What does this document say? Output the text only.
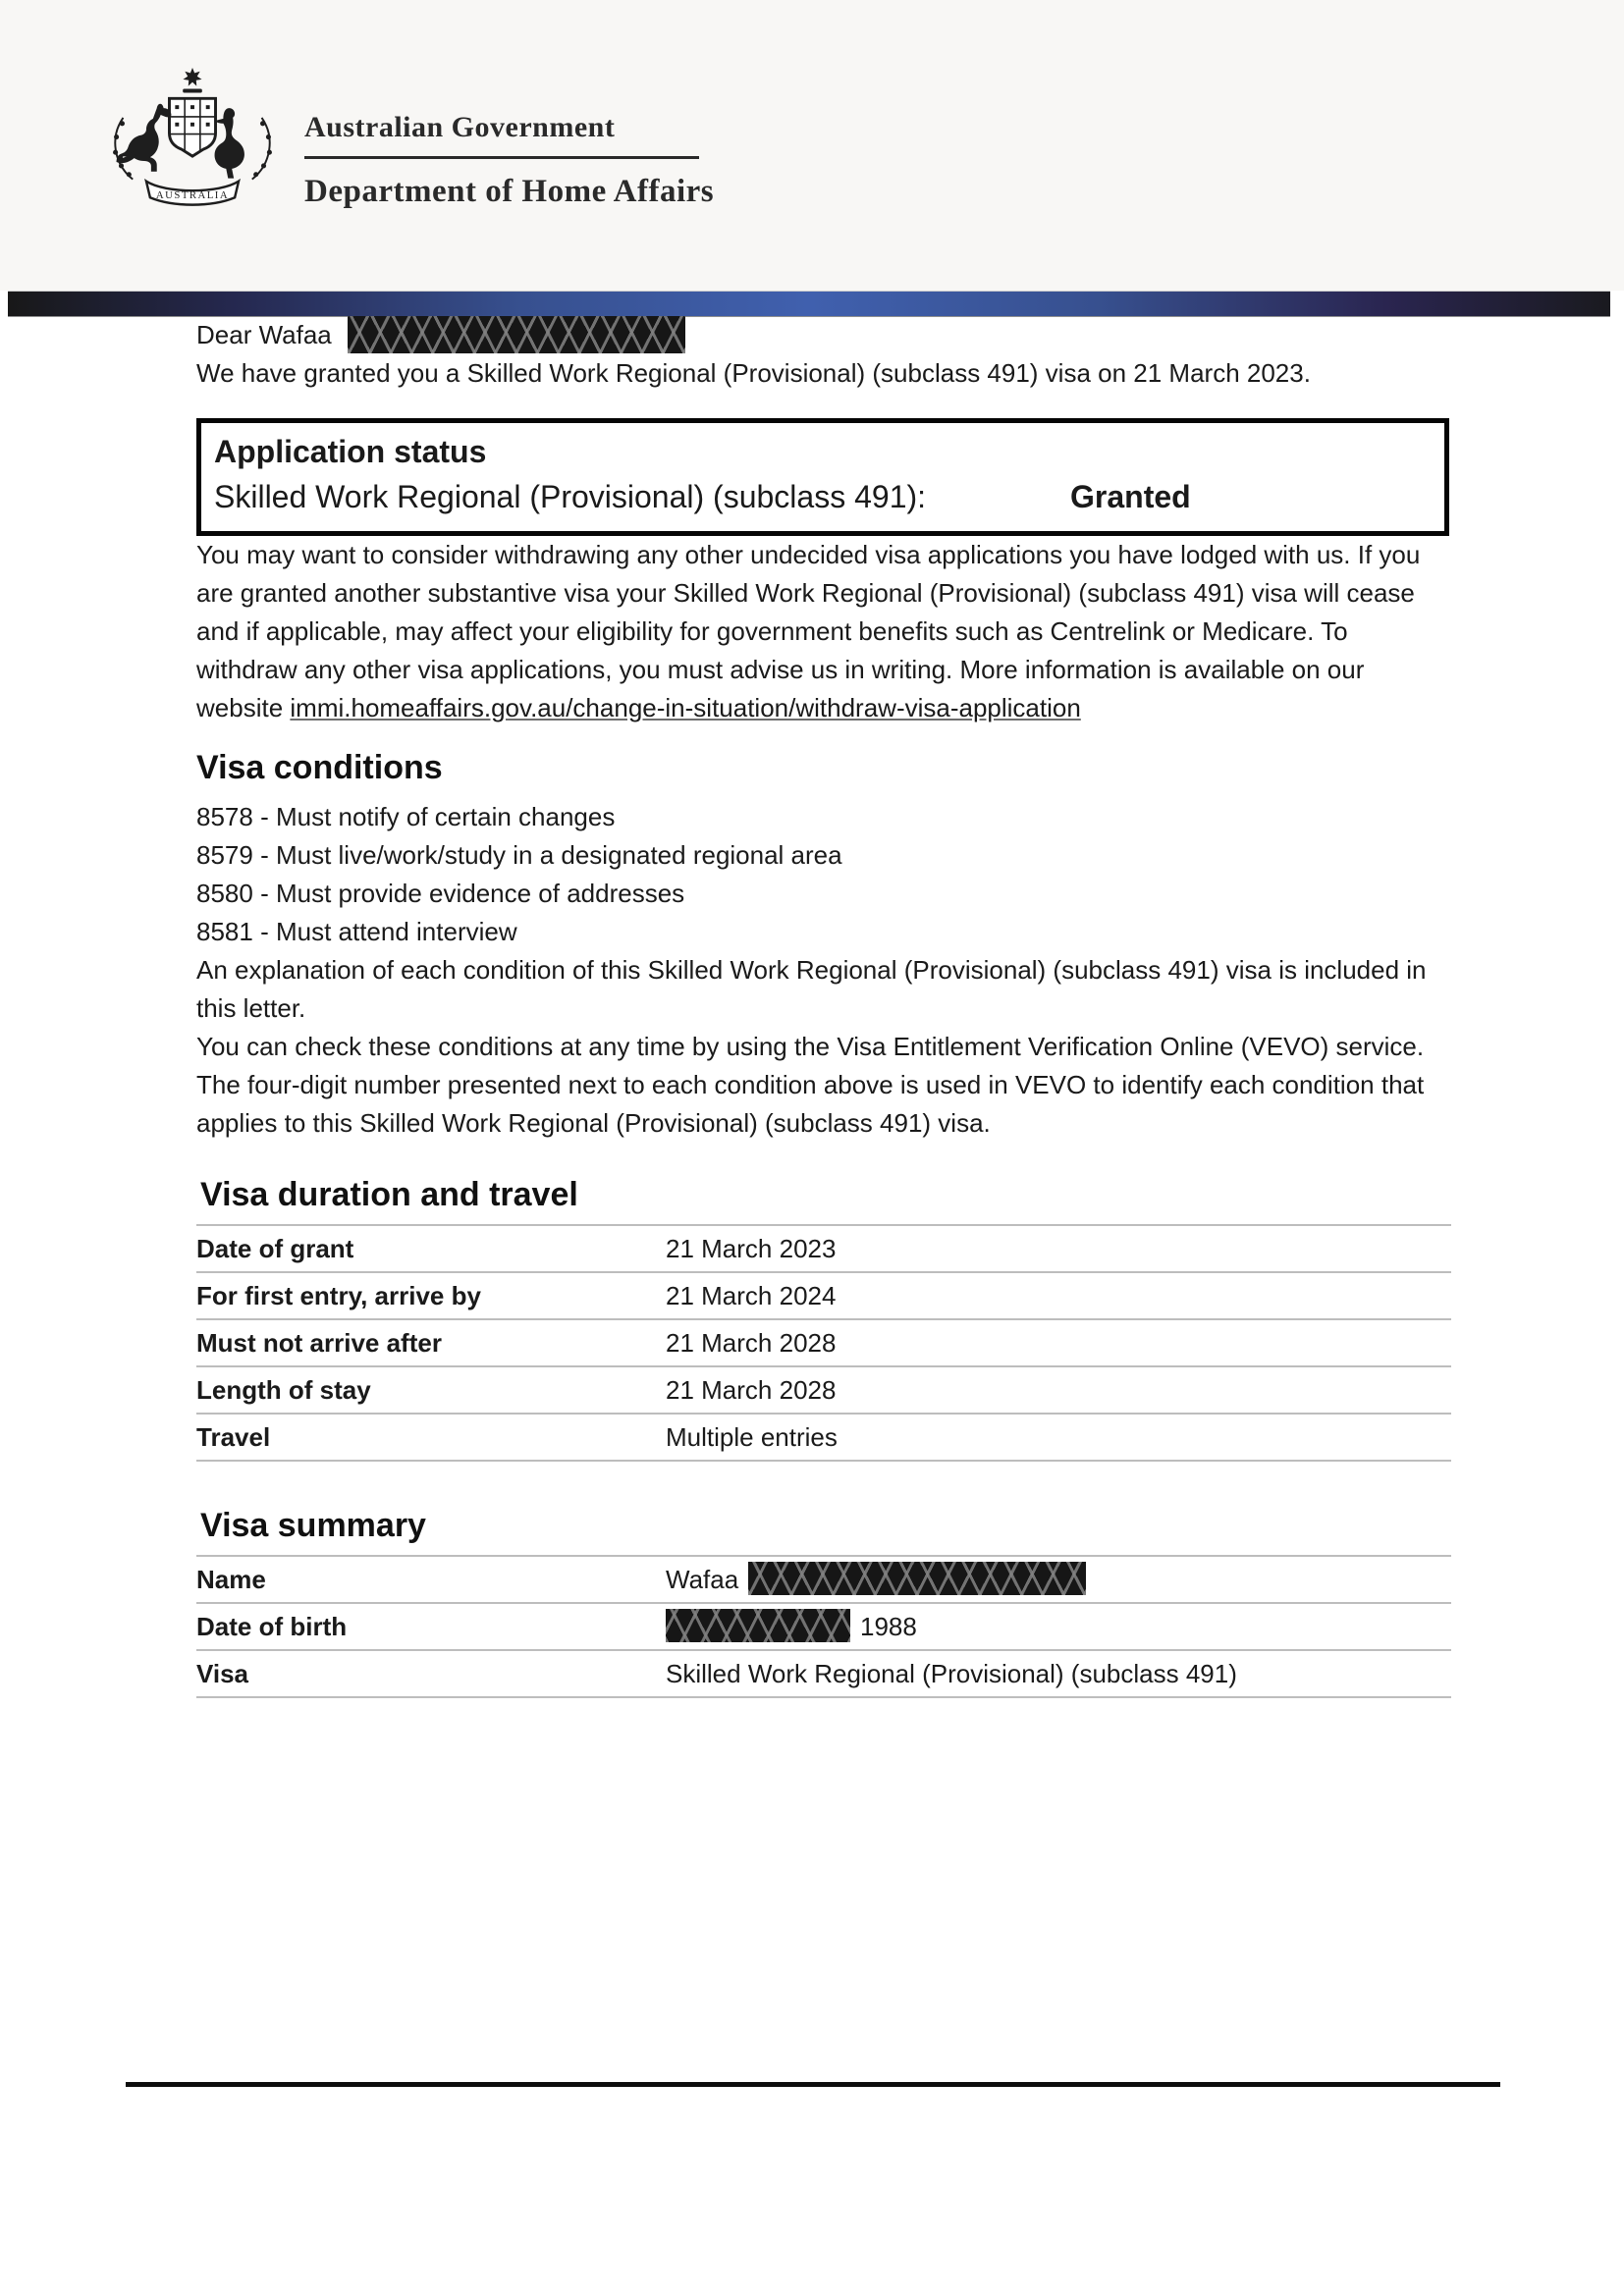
AUSTRALIA
Australian Government
Department of Home Affairs

Dear Wafaa

We have granted you a Skilled Work Regional (Provisional) (subclass 491) visa on 21 March 2023.

Application status
Skilled Work Regional (Provisional) (subclass 491):	Granted

You may want to consider withdrawing any other undecided visa applications you have lodged with us. If you are granted another substantive visa your Skilled Work Regional (Provisional) (subclass 491) visa will cease and if applicable, may affect your eligibility for government benefits such as Centrelink or Medicare. To withdraw any other visa applications, you must advise us in writing. More information is available on our website immi.homeaffairs.gov.au/change-in-situation/withdraw-visa-application

Visa conditions
8578 - Must notify of certain changes
8579 - Must live/work/study in a designated regional area
8580 - Must provide evidence of addresses
8581 - Must attend interview

An explanation of each condition of this Skilled Work Regional (Provisional) (subclass 491) visa is included in this letter.

You can check these conditions at any time by using the Visa Entitlement Verification Online (VEVO) service. The four-digit number presented next to each condition above is used in VEVO to identify each condition that applies to this Skilled Work Regional (Provisional) (subclass 491) visa.

Visa duration and travel
Date of grant	21 March 2023
For first entry, arrive by	21 March 2024
Must not arrive after	21 March 2028
Length of stay	21 March 2028
Travel	Multiple entries
Visa summary
Name	Wafaa
Date of birth	1988
Visa	Skilled Work Regional (Provisional) (subclass 491)
